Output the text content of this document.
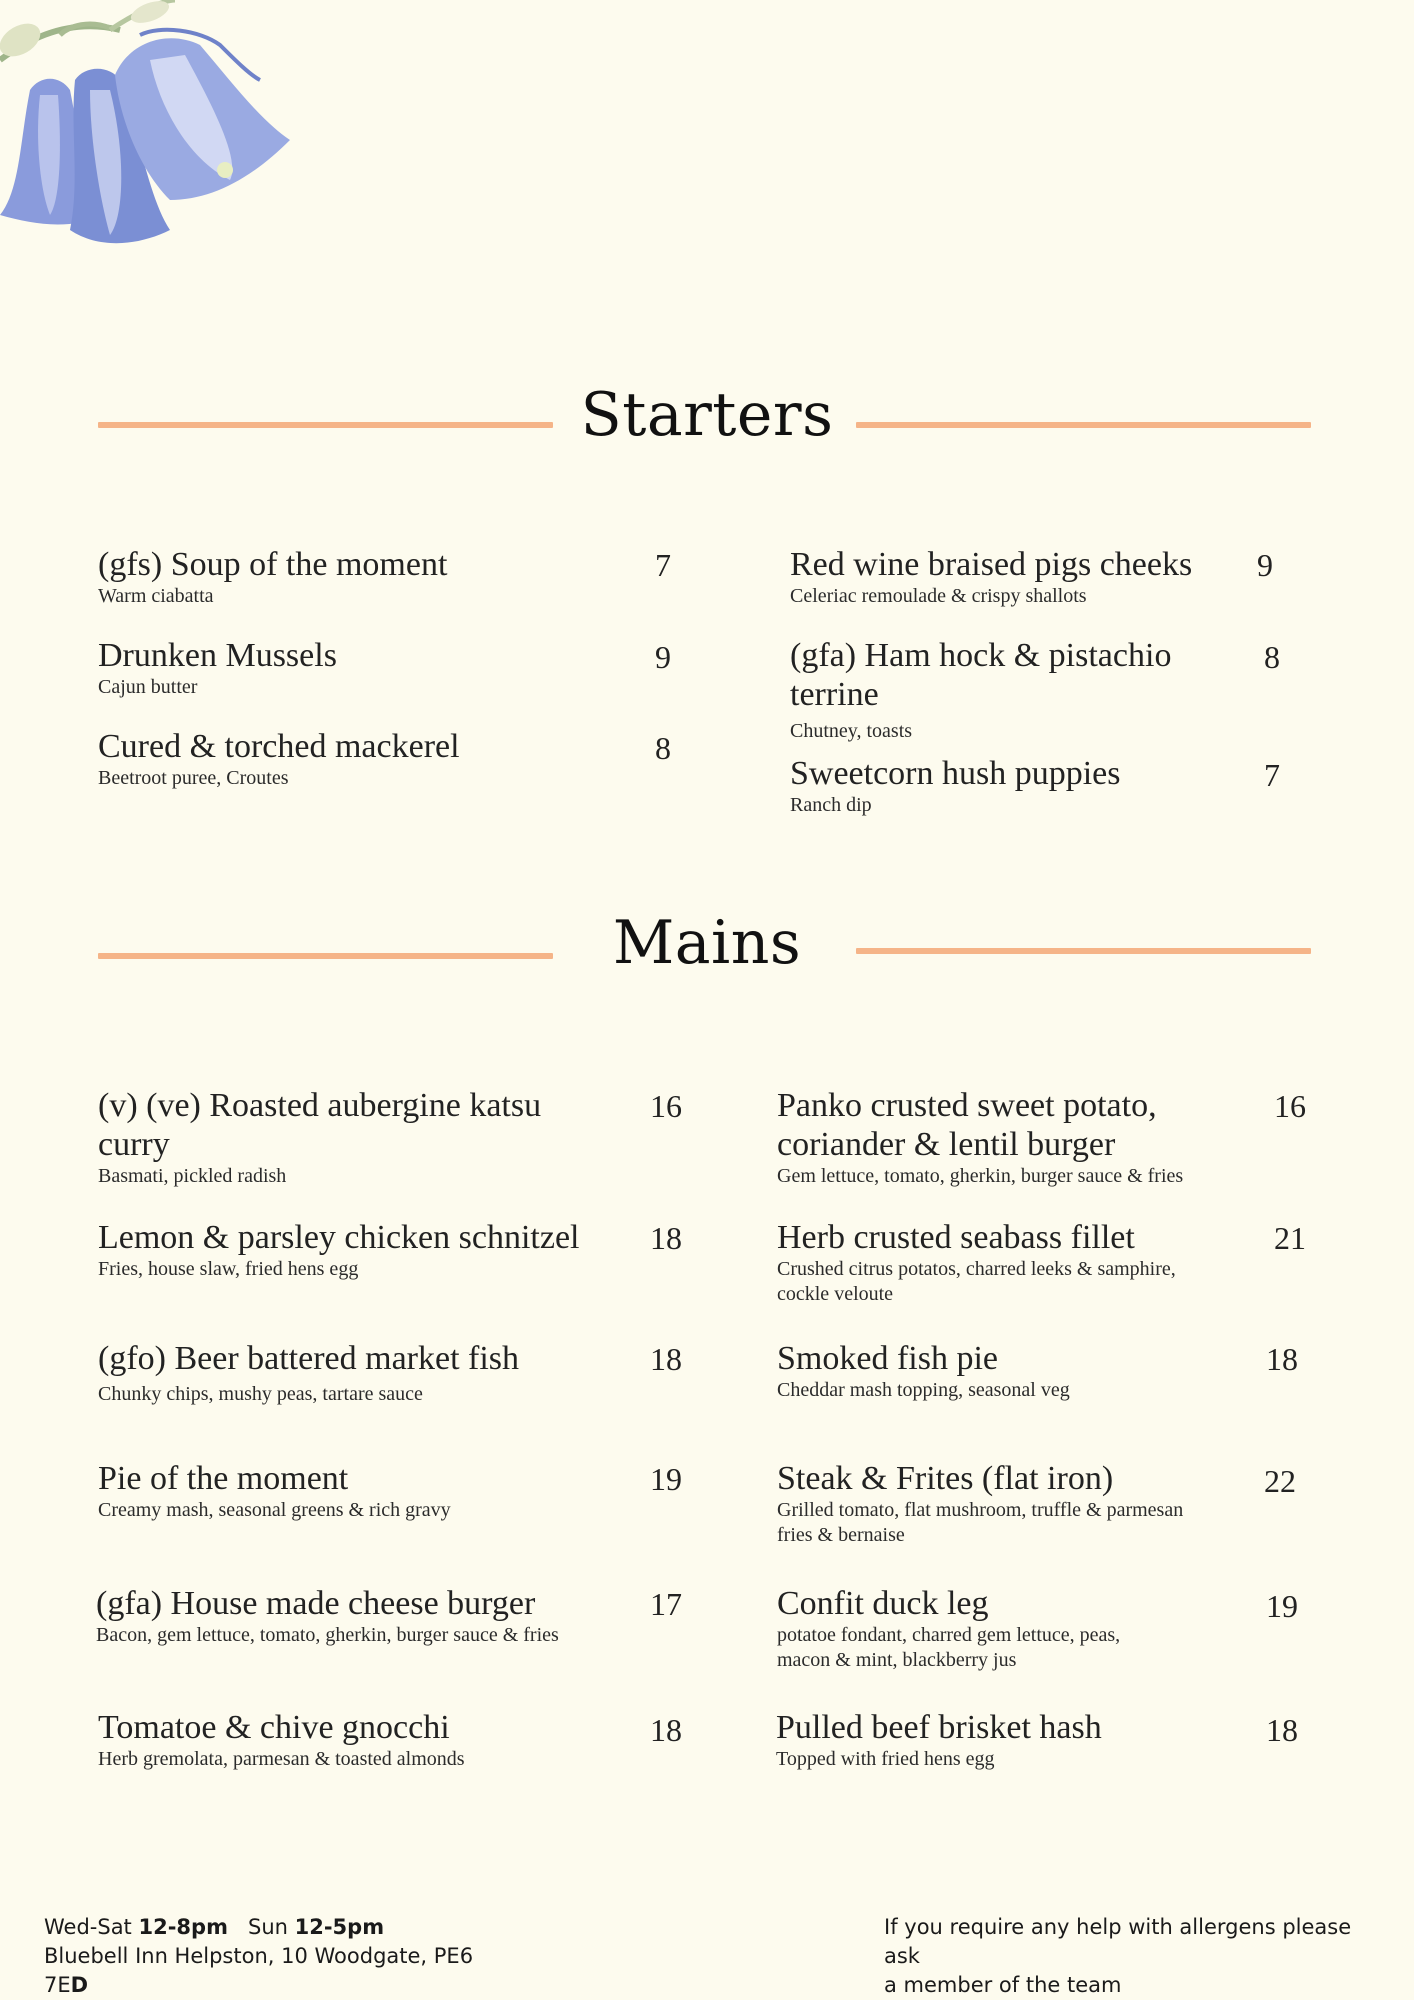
Starters

(gfs) Soup of the moment

Warm ciabatta

7

Drunken Mussels

Cajun butter

9

Cured & torched mackerel

Beetroot puree, Croutes

8

Red wine braised pigs cheeks

Celeriac remoulade & crispy shallots

9

(gfa) Ham hock & pistachio

terrine

Chutney, toasts

8

Sweetcorn hush puppies

Ranch dip

7
Mains

(v) (ve) Roasted aubergine katsu

curry

Basmati, pickled radish

16

Lemon & parsley chicken schnitzel

Fries, house slaw, fried hens egg

18

(gfo) Beer battered market fish

Chunky chips, mushy peas, tartare sauce

18

Pie of the moment

Creamy mash, seasonal greens & rich gravy

19

(gfa) House made cheese burger

Bacon, gem lettuce, tomato, gherkin, burger sauce & fries

17

Tomatoe & chive gnocchi

Herb gremolata, parmesan & toasted almonds

18

Panko crusted sweet potato,

coriander & lentil burger

Gem lettuce, tomato, gherkin, burger sauce & fries

16

Herb crusted seabass fillet

Crushed citrus potatos, charred leeks & samphire,

cockle veloute

21

Smoked fish pie

Cheddar mash topping, seasonal veg

18

Steak & Frites (flat iron)

Grilled tomato, flat mushroom, truffle & parmesan

fries & bernaise

22

Confit duck leg

potatoe fondant, charred gem lettuce, peas,

macon & mint, blackberry jus

19

Pulled beef brisket hash

Topped with fried hens egg

18
Wed-Sat 12-8pm Sun 12-5pm
Bluebell Inn Helpston, 10 Woodgate, PE6
7ED
If you require any help with allergens please ask
a member of the team
